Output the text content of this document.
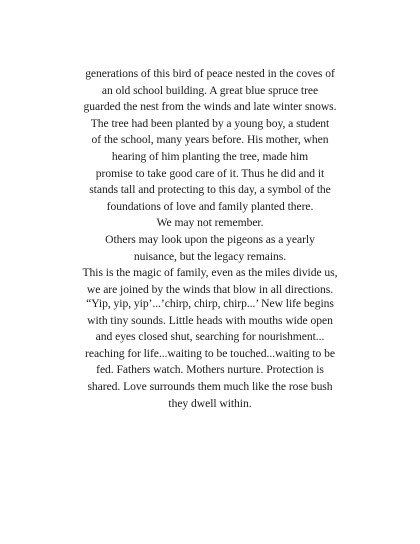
generations of this bird of peace nested in the coves of
an old school building. A great blue spruce tree
guarded the nest from the winds and late winter snows.
The tree had been planted by a young boy, a student
of the school, many years before. His mother, when
hearing of him planting the tree, made him
promise to take good care of it. Thus he did and it
stands tall and protecting to this day, a symbol of the
foundations of love and family planted there.
We may not remember.
Others may look upon the pigeons as a yearly
nuisance, but the legacy remains.
This is the magic of family, even as the miles divide us,
we are joined by the winds that blow in all directions.
“Yip, yip, yip’...’chirp, chirp, chirp...’ New life begins
with tiny sounds. Little heads with mouths wide open
and eyes closed shut, searching for nourishment...
reaching for life...waiting to be touched...waiting to be
fed. Fathers watch. Mothers nurture. Protection is
shared. Love surrounds them much like the rose bush
they dwell within.
